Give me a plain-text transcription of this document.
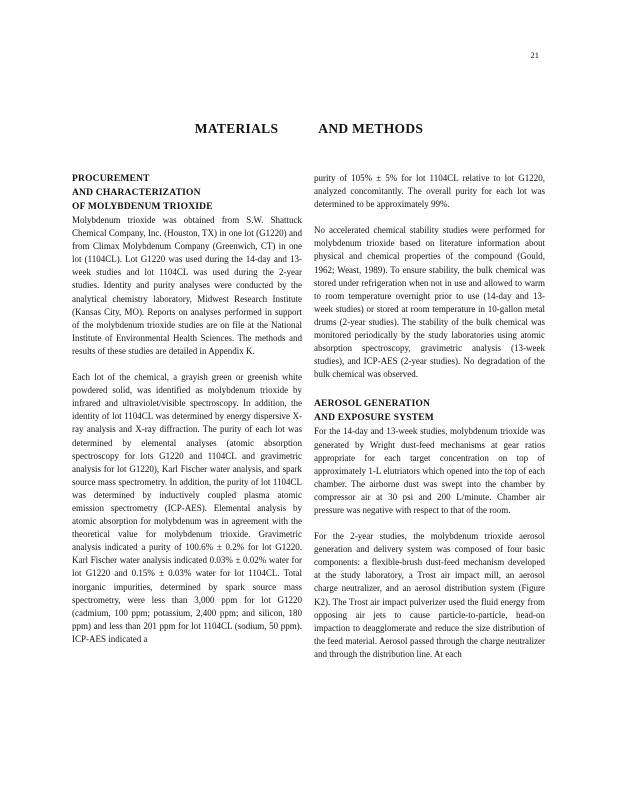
21
MATERIALS	AND METHODS
PROCUREMENT
AND CHARACTERIZATION
OF MOLYBDENUM TRIOXIDE

Molybdenum trioxide was obtained from S.W. Shattuck Chemical Company, Inc. (Houston, TX) in one lot (G1220) and from Climax Molybdenum Company (Greenwich, CT) in one lot (1104CL). Lot G1220 was used during the 14-day and 13-week studies and lot 1104CL was used during the 2-year studies. Identity and purity analyses were conducted by the analytical chemistry laboratory, Midwest Research Institute (Kansas City, MO). Reports on analyses performed in support of the molybdenum trioxide studies are on file at the National Institute of Environmental Health Sciences. The methods and results of these studies are detailed in Appendix K.

Each lot of the chemical, a grayish green or greenish white powdered solid, was identified as molybdenum trioxide by infrared and ultraviolet/visible spectroscopy. In addition, the identity of lot 1104CL was determined by energy dispersive X-ray analysis and X-ray diffraction. The purity of each lot was determined by elemental analyses (atomic absorption spectroscopy for lots G1220 and 1104CL and gravimetric analysis for lot G1220), Karl Fischer water analysis, and spark source mass spectrometry. In addition, the purity of lot 1104CL was determined by inductively coupled plasma atomic emission spectrometry (ICP-AES). Elemental analysis by atomic absorption for molybdenum was in agreement with the theoretical value for molybdenum trioxide. Gravimetric analysis indicated a purity of 100.6% ± 0.2% for lot G1220. Karl Fischer water analysis indicated 0.03% ± 0.02% water for lot G1220 and 0.15% ± 0.03% water for lot 1104CL. Total inorganic impurities, determined by spark source mass spectrometry, were less than 3,000 ppm for lot G1220 (cadmium, 100 ppm; potassium, 2,400 ppm; and silicon, 180 ppm) and less than 201 ppm for lot 1104CL (sodium, 50 ppm). ICP-AES indicated a

purity of 105% ± 5% for lot 1104CL relative to lot G1220, analyzed concomitantly. The overall purity for each lot was determined to be approximately 99%.

No accelerated chemical stability studies were performed for molybdenum trioxide based on literature information about physical and chemical properties of the compound (Gould, 1962; Weast, 1989). To ensure stability, the bulk chemical was stored under refrigeration when not in use and allowed to warm to room temperature overnight prior to use (14-day and 13-week studies) or stored at room temperature in 10-gallon metal drums (2-year studies). The stability of the bulk chemical was monitored periodically by the study laboratories using atomic absorption spectroscopy, gravimetric analysis (13-week studies), and ICP-AES (2-year studies). No degradation of the bulk chemical was observed.

AEROSOL GENERATION
AND EXPOSURE SYSTEM

For the 14-day and 13-week studies, molybdenum trioxide was generated by Wright dust-feed mechanisms at gear ratios appropriate for each target concentration on top of approximately 1-L elutriators which opened into the top of each chamber. The airborne dust was swept into the chamber by compressor air at 30 psi and 200 L/minute. Chamber air pressure was negative with respect to that of the room.

For the 2-year studies, the molybdenum trioxide aerosol generation and delivery system was composed of four basic components: a flexible-brush dust-feed mechanism developed at the study laboratory, a Trost air impact mill, an aerosol charge neutralizer, and an aerosol distribution system (Figure K2). The Trost air impact pulverizer used the fluid energy from opposing air jets to cause particle-to-particle, head-on impaction to deagglomerate and reduce the size distribution of the feed material. Aerosol passed through the charge neutralizer and through the distribution line. At each
